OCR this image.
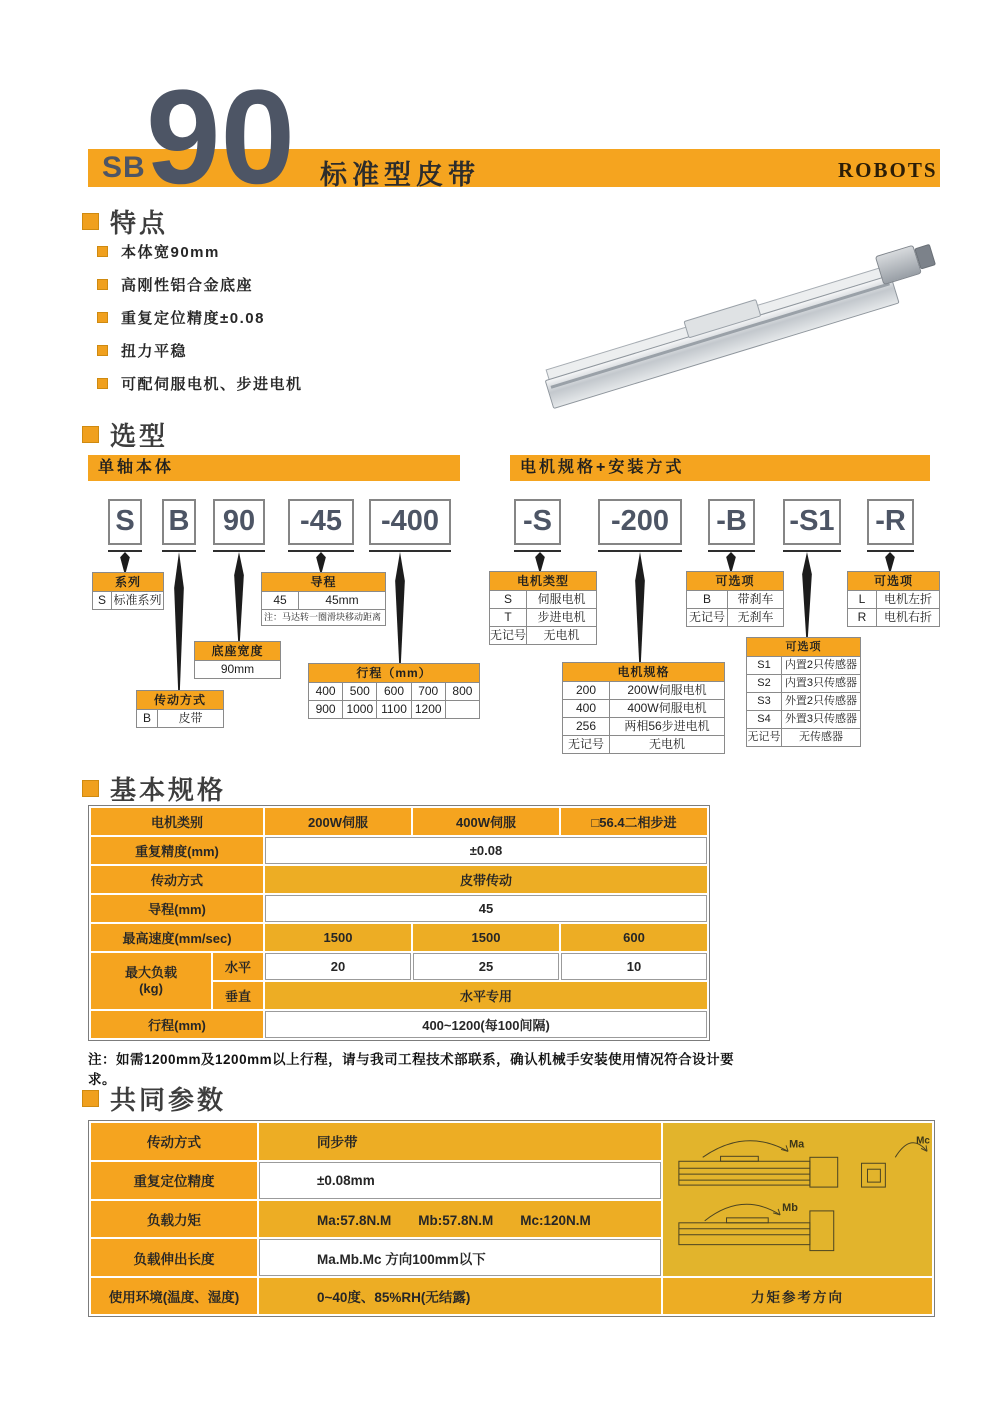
SB 90 标准型皮带	ROBOTS
特点
本体宽90mm
高刚性铝合金底座
重复定位精度±0.08
扭力平稳
可配伺服电机、步进电机
选型
单轴本体	电机规格+安装方式
S B	90	-45	-400	-S	-200	-B -S1 -R
系列
S 标准系列
导程
45	45mm
注：马达转一圈滑块移动距离
底座宽度
90mm
传动方式
B	皮带
行程（mm）
400	500	600	700	800
900 1000 1100 1200
电机类型
S	伺服电机
T	步进电机
无记号	无电机
电机规格
200	200W伺服电机
400	400W伺服电机
256	两相56步进电机
无记号	无电机
可选项
B	带刹车
无记号	无刹车
可选项
S1	内置2只传感器
S2	内置3只传感器
S3	外置2只传感器
S4	外置3只传感器
无记号	无传感器
可选项
L	电机左折
R	电机右折
基本规格
电机类别		200W伺服	400W伺服	□56.4二相步进
重复精度(mm)		±0.08		
传动方式		皮带传动		
导程(mm)		45		
最高速度(mm/sec)		1500	1500	600

最大负载
(kg)	水平	20	25	10
	垂直	水平专用		
行程(mm)		400~1200(每100间隔)		
注：如需1200mm及1200mm以上行程，请与我司工程技术部联系，确认机械手安装使用情况符合设计要求。
共同参数
传动方式	同步带	Ma Mc
Mb

重复定位精度	±0.08mm	
负载力矩	Ma:57.8N.M　　Mb:57.8N.M　　Mc:120N.M	
负载伸出长度	Ma.Mb.Mc 方向100mm以下	
使用环境(温度、湿度)	0~40度、85%RH(无结露)	力矩参考方向
